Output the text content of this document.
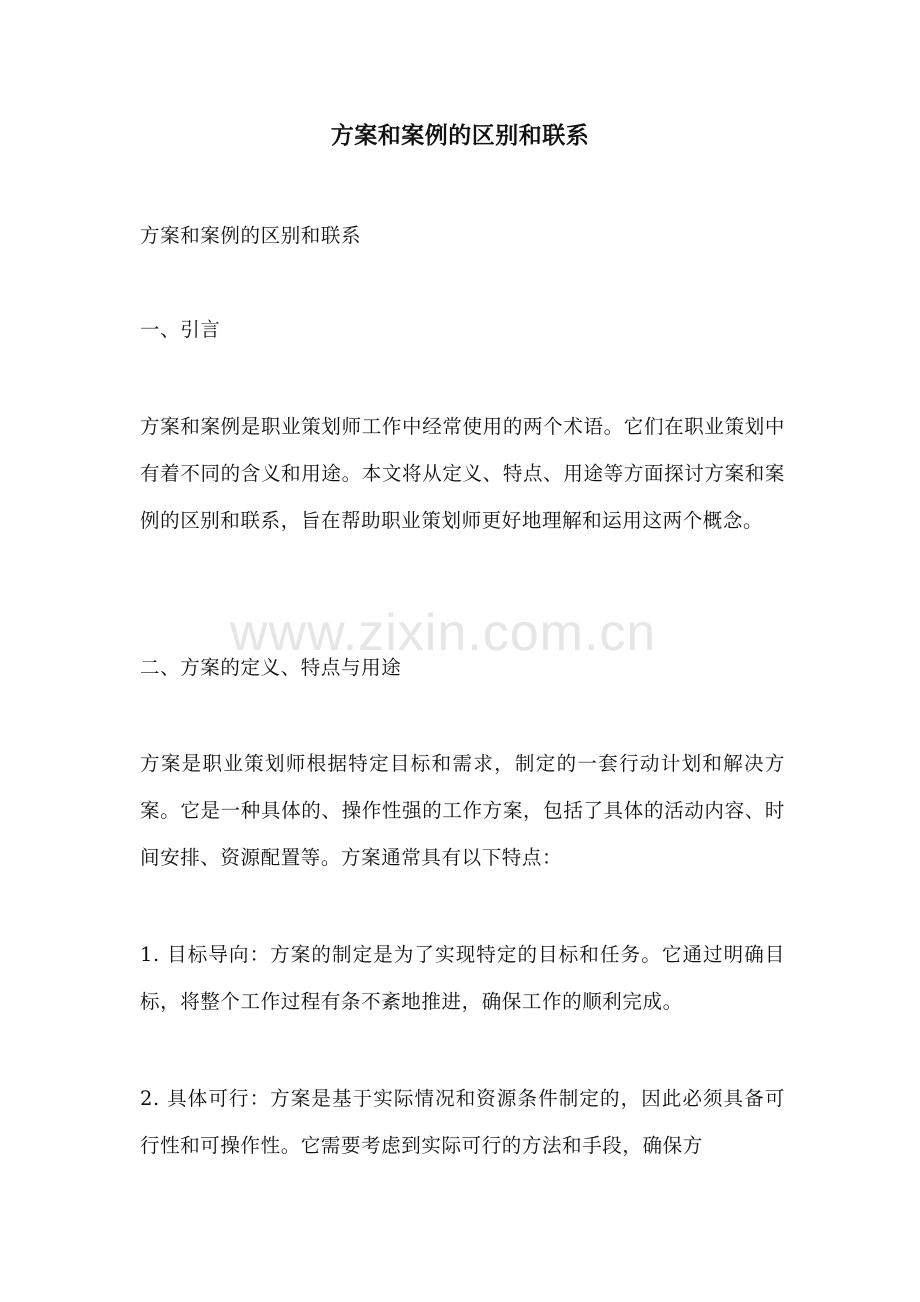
www.zixin.com.cn
方案和案例的区别和联系

方案和案例的区别和联系

一、引言

方案和案例是职业策划师工作中经常使用的两个术语。它们在职业策划中有着不同的含义和用途。本文将从定义、特点、用途等方面探讨方案和案例的区别和联系，旨在帮助职业策划师更好地理解和运用这两个概念。

二、方案的定义、特点与用途

方案是职业策划师根据特定目标和需求，制定的一套行动计划和解决方案。它是一种具体的、操作性强的工作方案，包括了具体的活动内容、时间安排、资源配置等。方案通常具有以下特点：

1. 目标导向：方案的制定是为了实现特定的目标和任务。它通过明确目标，将整个工作过程有条不紊地推进，确保工作的顺利完成。

2. 具体可行：方案是基于实际情况和资源条件制定的，因此必须具备可行性和可操作性。它需要考虑到实际可行的方法和手段，确保方
